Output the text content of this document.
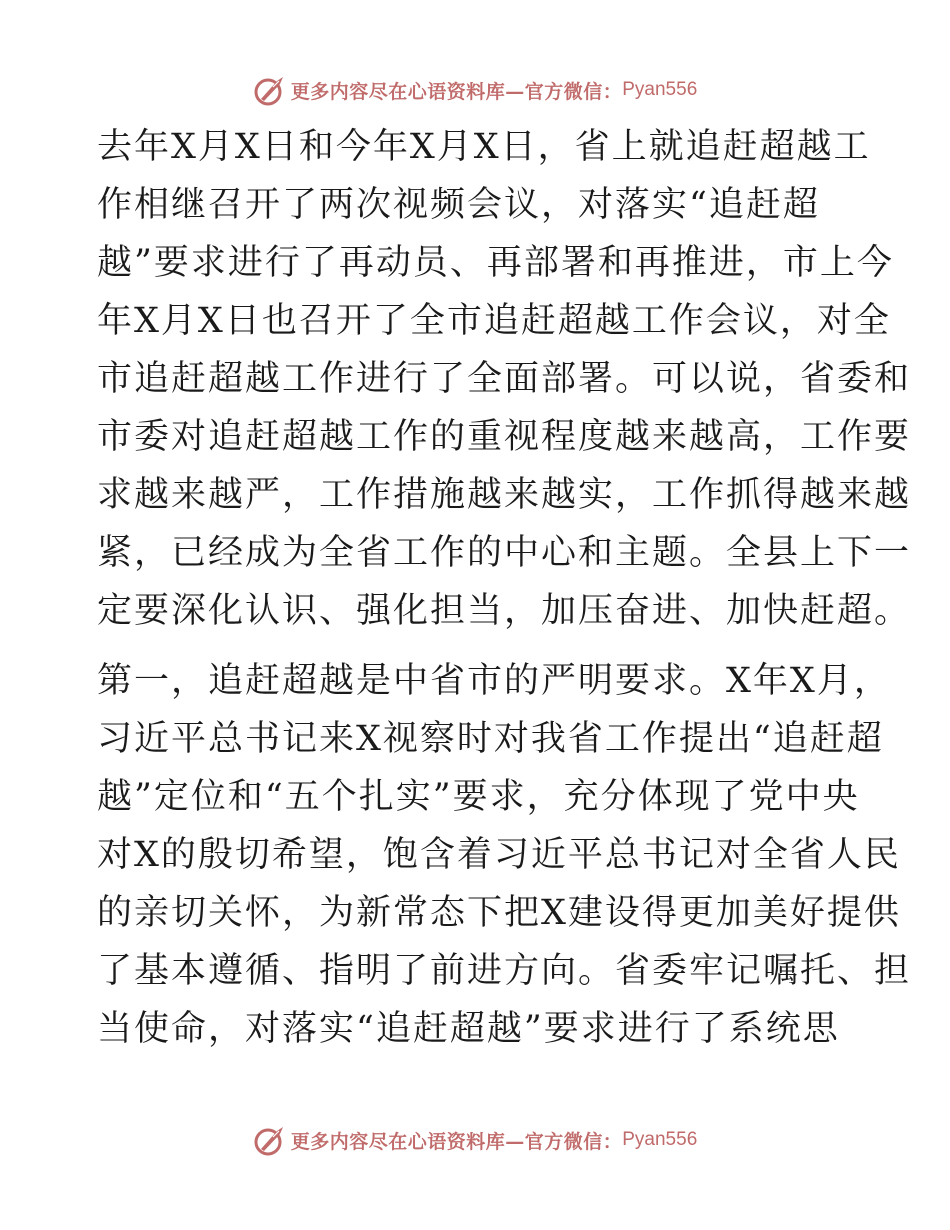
更多内容尽在心语资料库—官方微信： Pyan556
去年X月X日和今年X月X日，省上就追赶超越工
作相继召开了两次视频会议，对落实“追赶超
越”要求进行了再动员、再部署和再推进，市上今
年X月X日也召开了全市追赶超越工作会议，对全
市追赶超越工作进行了全面部署。可以说，省委和
市委对追赶超越工作的重视程度越来越高，工作要
求越来越严，工作措施越来越实，工作抓得越来越
紧，已经成为全省工作的中心和主题。全县上下一
定要深化认识、强化担当，加压奋进、加快赶超。
第一，追赶超越是中省市的严明要求。X年X月，
习近平总书记来X视察时对我省工作提出“追赶超
越”定位和“五个扎实”要求，充分体现了党中央
对X的殷切希望，饱含着习近平总书记对全省人民
的亲切关怀，为新常态下把X建设得更加美好提供
了基本遵循、指明了前进方向。省委牢记嘱托、担
当使命，对落实“追赶超越”要求进行了系统思
更多内容尽在心语资料库—官方微信： Pyan556
